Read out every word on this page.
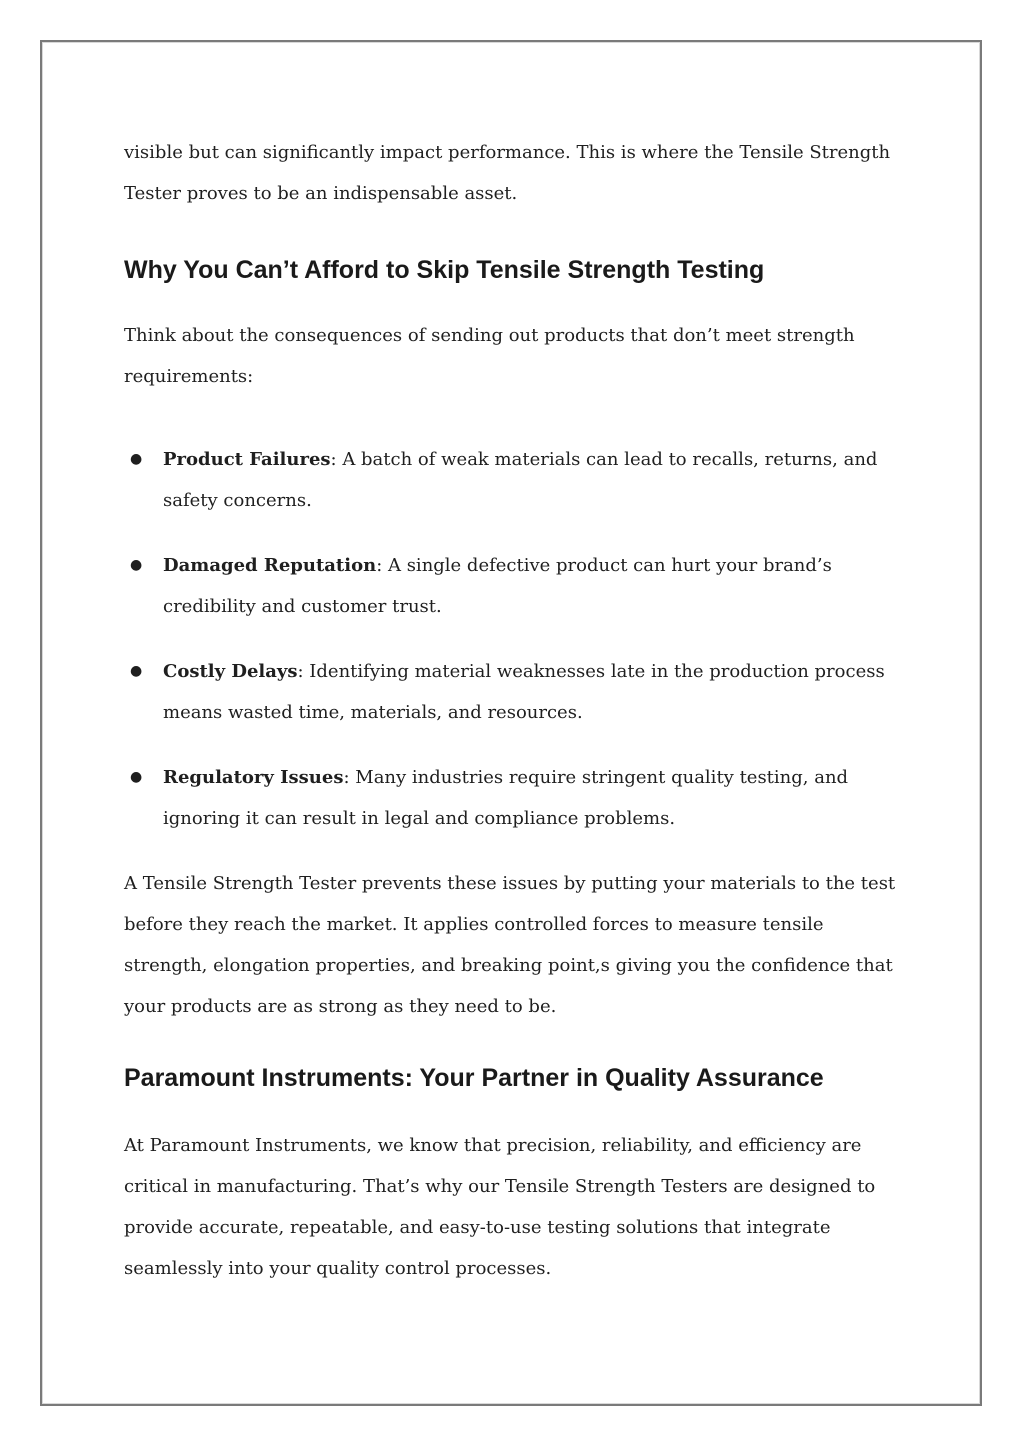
visible but can significantly impact performance. This is where the Tensile Strength Tester proves to be an indispensable asset.

Why You Can’t Afford to Skip Tensile Strength Testing

Think about the consequences of sending out products that don’t meet strength requirements:

● Product Failures: A batch of weak materials can lead to recalls, returns, and safety concerns.
● Damaged Reputation: A single defective product can hurt your brand’s credibility and customer trust.
● Costly Delays: Identifying material weaknesses late in the production process means wasted time, materials, and resources.
● Regulatory Issues: Many industries require stringent quality testing, and ignoring it can result in legal and compliance problems.

A Tensile Strength Tester prevents these issues by putting your materials to the test before they reach the market. It applies controlled forces to measure tensile strength, elongation properties, and breaking point,s giving you the confidence that your products are as strong as they need to be.

Paramount Instruments: Your Partner in Quality Assurance

At Paramount Instruments, we know that precision, reliability, and efficiency are critical in manufacturing. That’s why our Tensile Strength Testers are designed to provide accurate, repeatable, and easy-to-use testing solutions that integrate seamlessly into your quality control processes.
